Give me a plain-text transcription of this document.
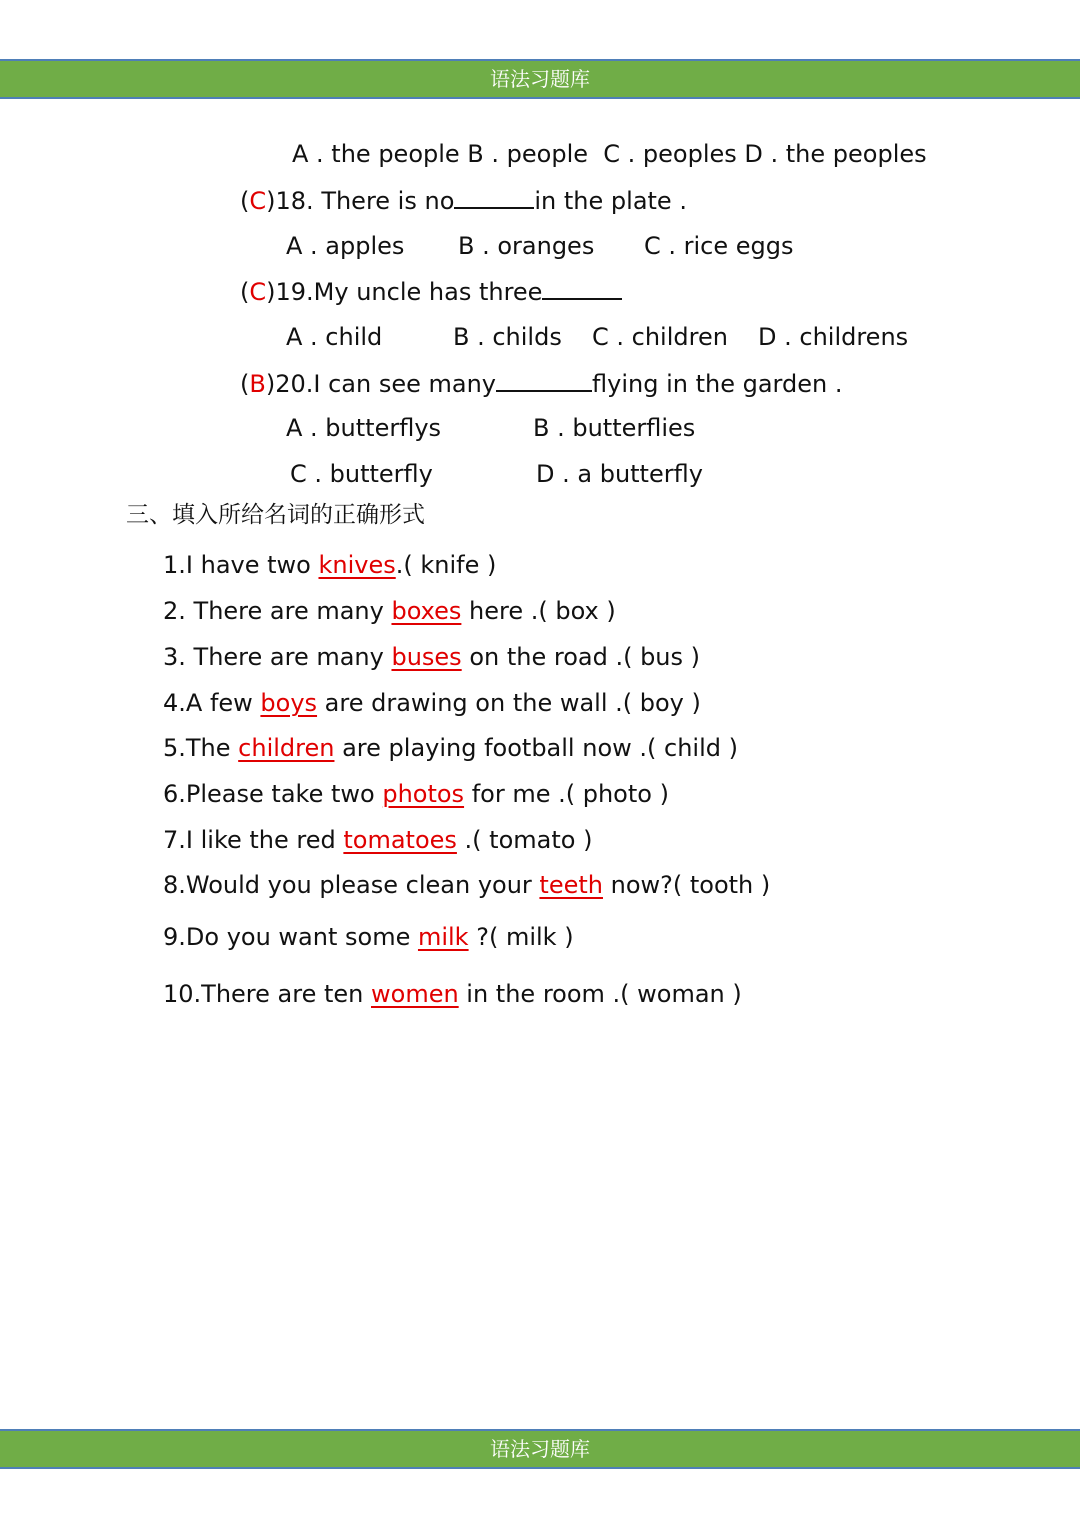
语法习题库
A . the people B . people  C . peoples D . the peoples
(C)18. There is no	in the plate .
A . apples B . oranges C . rice eggs
(C)19.My uncle has three
A . child	B . childs C . children D . childrens
(B)20.I can see many	flying in the garden .
A . butterflys	B . butterflies
C . butterfly	D . a butterfly
三、填入所给名词的正确形式
1.I have two knives.( knife )
2. There are many boxes here .( box )
3. There are many buses on the road .( bus )
4.A few boys are drawing on the wall .( boy )
5.The children are playing football now .( child )
6.Please take two photos for me .( photo )
7.I like the red tomatoes .( tomato )
8.Would you please clean your teeth now?( tooth )
9.Do you want some milk ?( milk )
10.There are ten women in the room .( woman )
语法习题库
